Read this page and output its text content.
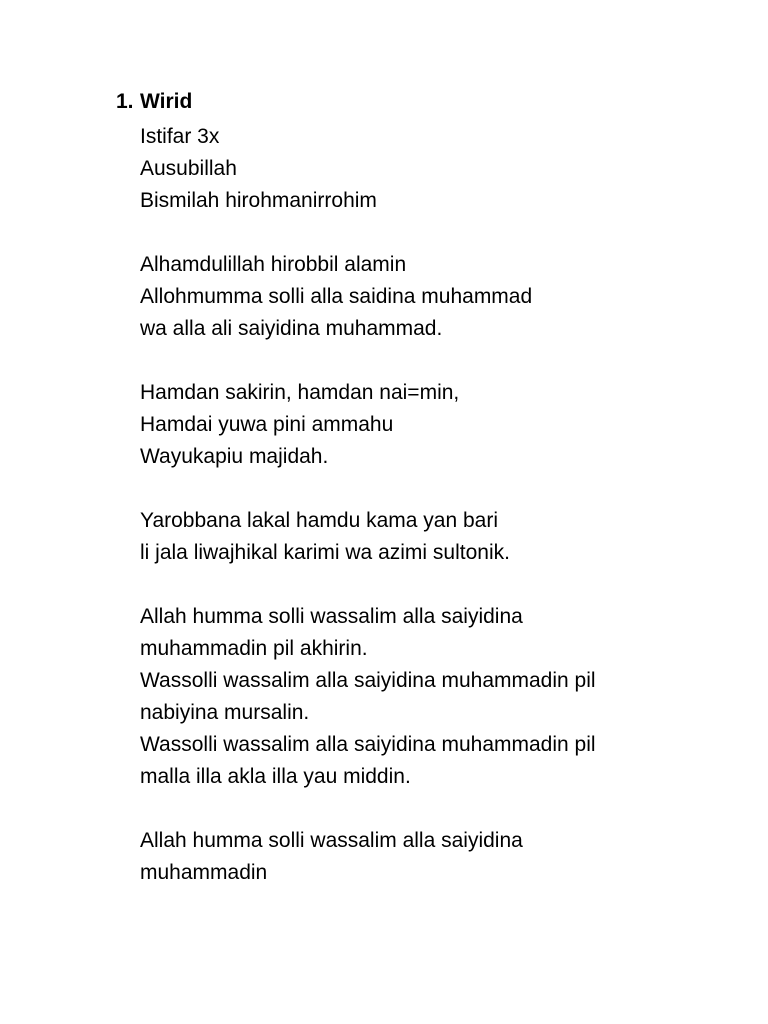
1. Wirid
Istifar 3x
Ausubillah
Bismilah hirohmanirrohim
Alhamdulillah hirobbil alamin
Allohmumma solli alla saidina muhammad
wa alla ali saiyidina muhammad.
Hamdan sakirin, hamdan nai=min,
Hamdai yuwa pini ammahu
Wayukapiu majidah.
Yarobbana lakal hamdu kama yan bari
li jala liwajhikal karimi wa azimi sultonik.
Allah humma solli wassalim alla saiyidina
muhammadin pil akhirin.
Wassolli wassalim alla saiyidina muhammadin pil
nabiyina mursalin.
Wassolli wassalim alla saiyidina muhammadin pil
malla illa akla illa yau middin.
Allah humma solli wassalim alla saiyidina
muhammadin
